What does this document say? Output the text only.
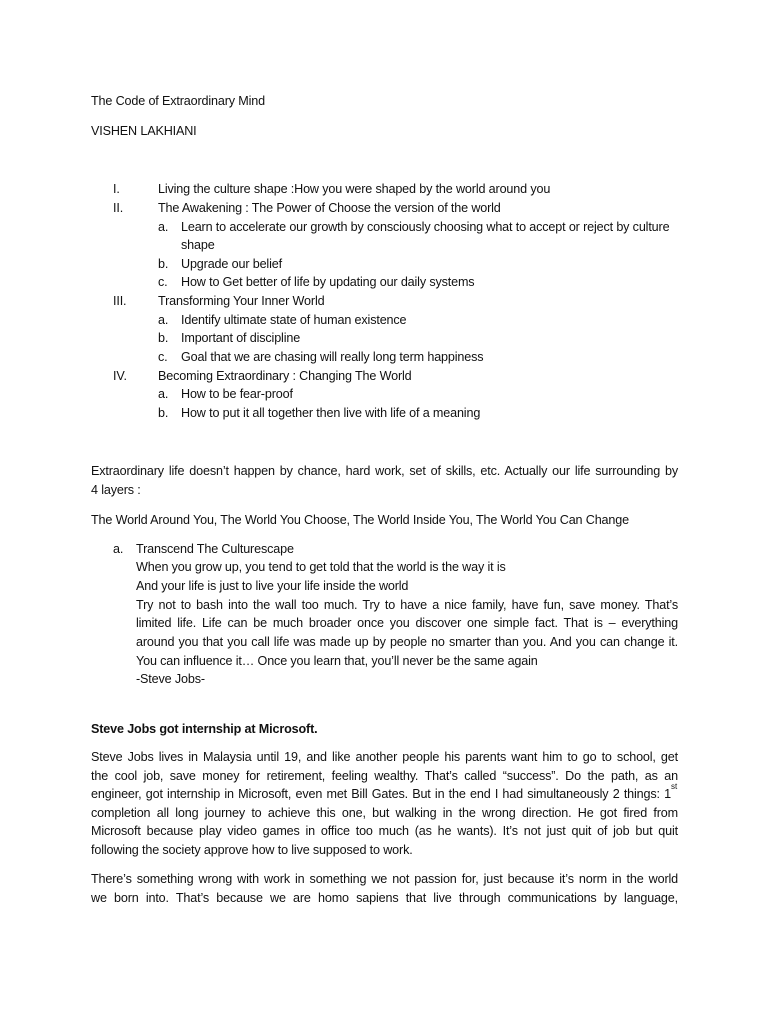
The Code of Extraordinary Mind
VISHEN LAKHIANI
I.	Living the culture shape :How you were shaped by the world around you
II.	The Awakening : The Power of Choose the version of the world
a. Learn to accelerate our growth by consciously choosing what to accept or reject by culture
shape
b. Upgrade our belief
c. How to Get better of life by updating our daily systems
III.	Transforming Your Inner World
a. Identify ultimate state of human existence
b. Important of discipline
c. Goal that we are chasing will really long term happiness
IV. Becoming Extraordinary : Changing The World
a. How to be fear-proof
b. How to put it all together then live with life of a meaning
Extraordinary life doesn’t happen by chance, hard work, set of skills, etc. Actually our life surrounding by
4 layers :
The World Around You, The World You Choose, The World Inside You, The World You Can Change
a. Transcend The Culturescape
When you grow up, you tend to get told that the world is the way it is
And your life is just to live your life inside the world
Try not to bash into the wall too much. Try to have a nice family, have fun, save money. That’s
limited life. Life can be much broader once you discover one simple fact. That is – everything
around you that you call life was made up by people no smarter than you. And you can change it.
You can influence it… Once you learn that, you’ll never be the same again
-Steve Jobs-
Steve Jobs got internship at Microsoft.
Steve Jobs lives in Malaysia until 19, and like another people his parents want him to go to school, get
the cool job, save money for retirement, feeling wealthy. That’s called “success”. Do the path, as an
engineer, got internship in Microsoft, even met Bill Gates. But in the end I had simultaneously 2 things: 1
st
completion all long journey to achieve this one, but walking in the wrong direction. He got fired from
Microsoft because play video games in office too much (as he wants). It’s not just quit of job but quit
following the society approve how to live supposed to work.
There’s something wrong with work in something we not passion for, just because it’s norm in the world
we born into. That’s because we are homo sapiens that live through communications by language,
